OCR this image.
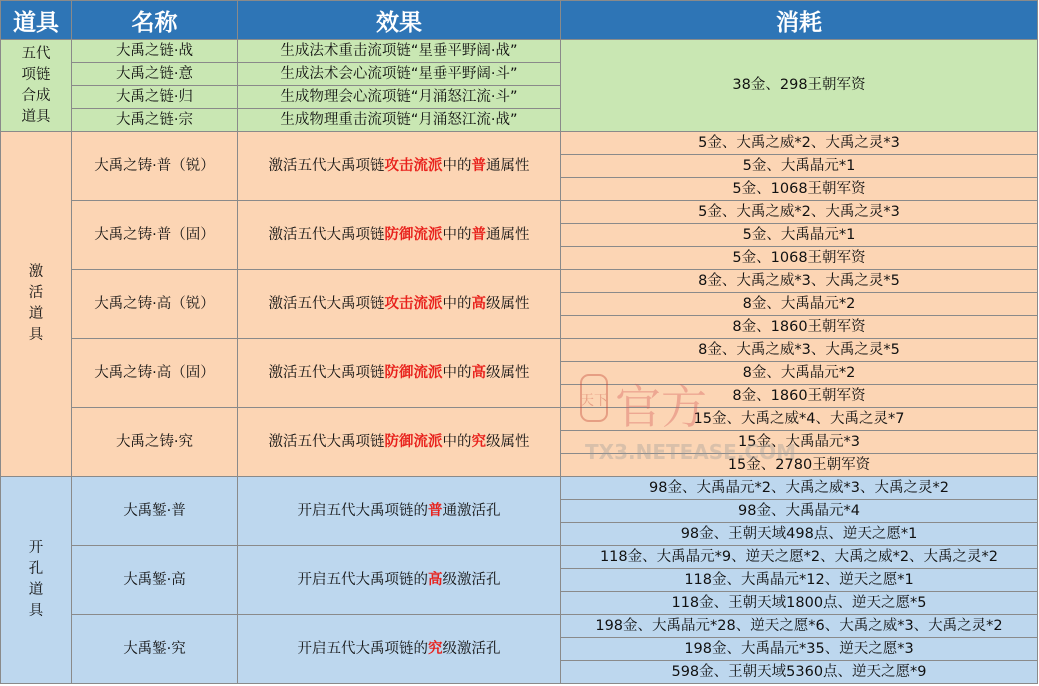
道具	名称	效果	消耗

五代
项链
合成
道具	大禹之链·战	生成法术重击流项链“星垂平野阔·战”	38金、298王朝军资
	大禹之链·意	生成法术会心流项链“星垂平野阔·斗”	
	大禹之链·归	生成物理会心流项链“月涌怒江流·斗”	
	大禹之链·宗	生成物理重击流项链“月涌怒江流·战”	

激
活
道
具	大禹之铸·普（锐）	激活五代大禹项链攻击流派中的普通属性	5金、大禹之威*2、大禹之灵*3
			5金、大禹晶元*1
			5金、1068王朝军资
	大禹之铸·普（固）	激活五代大禹项链防御流派中的普通属性	5金、大禹之威*2、大禹之灵*3
			5金、大禹晶元*1
			5金、1068王朝军资
	大禹之铸·高（锐）	激活五代大禹项链攻击流派中的高级属性	8金、大禹之威*3、大禹之灵*5
			8金、大禹晶元*2
			8金、1860王朝军资
	大禹之铸·高（固）	激活五代大禹项链防御流派中的高级属性	8金、大禹之威*3、大禹之灵*5
			8金、大禹晶元*2
			8金、1860王朝军资
	大禹之铸·究	激活五代大禹项链防御流派中的究级属性	15金、大禹之威*4、大禹之灵*7
			15金、大禹晶元*3
			15金、2780王朝军资

开
孔
道
具	大禹錾·普	开启五代大禹项链的普通激活孔	98金、大禹晶元*2、大禹之威*3、大禹之灵*2
			98金、大禹晶元*4
			98金、王朝天域498点、逆天之愿*1
	大禹錾·高	开启五代大禹项链的高级激活孔	118金、大禹晶元*9、逆天之愿*2、大禹之威*2、大禹之灵*2
			118金、大禹晶元*12、逆天之愿*1
			118金、王朝天域1800点、逆天之愿*5
	大禹錾·究	开启五代大禹项链的究级激活孔	198金、大禹晶元*28、逆天之愿*6、大禹之威*3、大禹之灵*2
			198金、大禹晶元*35、逆天之愿*3
			598金、王朝天域5360点、逆天之愿*9
天下 官方
TX3.NETEASE.COM
